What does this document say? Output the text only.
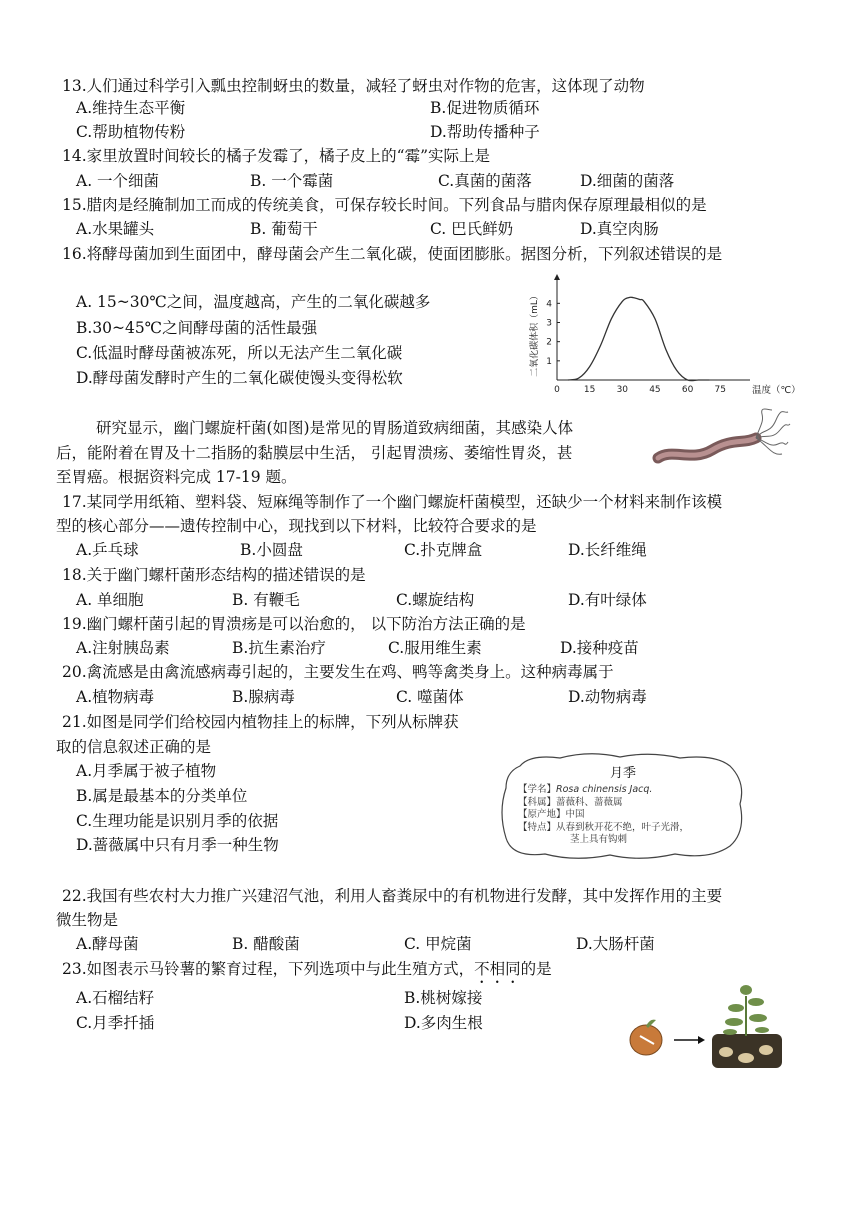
13.人们通过科学引入瓢虫控制蚜虫的数量，减轻了蚜虫对作物的危害，这体现了动物
A.维持生态平衡	B.促进物质循环
C.帮助植物传粉	D.帮助传播种子
14.家里放置时间较长的橘子发霉了，橘子皮上的“霉”实际上是
A. 一个细菌	B. 一个霉菌	C.真菌的菌落	D.细菌的菌落
15.腊肉是经腌制加工而成的传统美食，可保存较长时间。下列食品与腊肉保存原理最相似的是
A.水果罐头	B. 葡萄干	C. 巴氏鲜奶	D.真空肉肠
16.将酵母菌加到生面团中，酵母菌会产生二氧化碳，使面团膨胀。据图分析，下列叙述错误的是
A. 15~30℃之间，温度越高，产生的二氧化碳越多
B.30~45℃之间酵母菌的活性最强
C.低温时酵母菌被冻死，所以无法产生二氧化碳
D.酵母菌发酵时产生的二氧化碳使馒头变得松软
0	15 30 45 60 75
1
2
3
4
温度（℃）
二氧化碳体积（mL）
研究显示，幽门螺旋杆菌(如图)是常见的胃肠道致病细菌，其感染人体
后，能附着在胃及十二指肠的黏膜层中生活， 引起胃溃疡、萎缩性胃炎，甚
至胃癌。根据资料完成 17-19 题。
17.某同学用纸箱、塑料袋、短麻绳等制作了一个幽门螺旋杆菌模型，还缺少一个材料来制作该模
型的核心部分——遗传控制中心，现找到以下材料，比较符合要求的是
A.乒乓球	B.小圆盘	C.扑克牌盒	D.长纤维绳
18.关于幽门螺杆菌形态结构的描述错误的是
A. 单细胞	B. 有鞭毛	C.螺旋结构	D.有叶绿体
19.幽门螺杆菌引起的胃溃疡是可以治愈的， 以下防治方法正确的是
A.注射胰岛素	B.抗生素治疗	C.服用维生素	D.接种疫苗
20.禽流感是由禽流感病毒引起的，主要发生在鸡、鸭等禽类身上。这种病毒属于
A.植物病毒	B.腺病毒	C. 噬菌体	D.动物病毒
21.如图是同学们给校园内植物挂上的标牌，下列从标牌获
取的信息叙述正确的是
A.月季属于被子植物
B.属是最基本的分类单位
C.生理功能是识别月季的依据
D.蔷薇属中只有月季一种生物
月季
【学名】Rosa chinensis Jacq.
【科属】蔷薇科、蔷薇属
【原产地】中国
【特点】从春到秋开花不绝，叶子光滑，
茎上具有钩刺
22.我国有些农村大力推广兴建沼气池，利用人畜粪尿中的有机物进行发酵，其中发挥作用的主要
微生物是
A.酵母菌	B. 醋酸菌	C. 甲烷菌	D.大肠杆菌
23.如图表示马铃薯的繁育过程，下列选项中与此生殖方式，不相同的是
A.石榴结籽	B.桃树嫁接
C.月季扦插	D.多肉生根
